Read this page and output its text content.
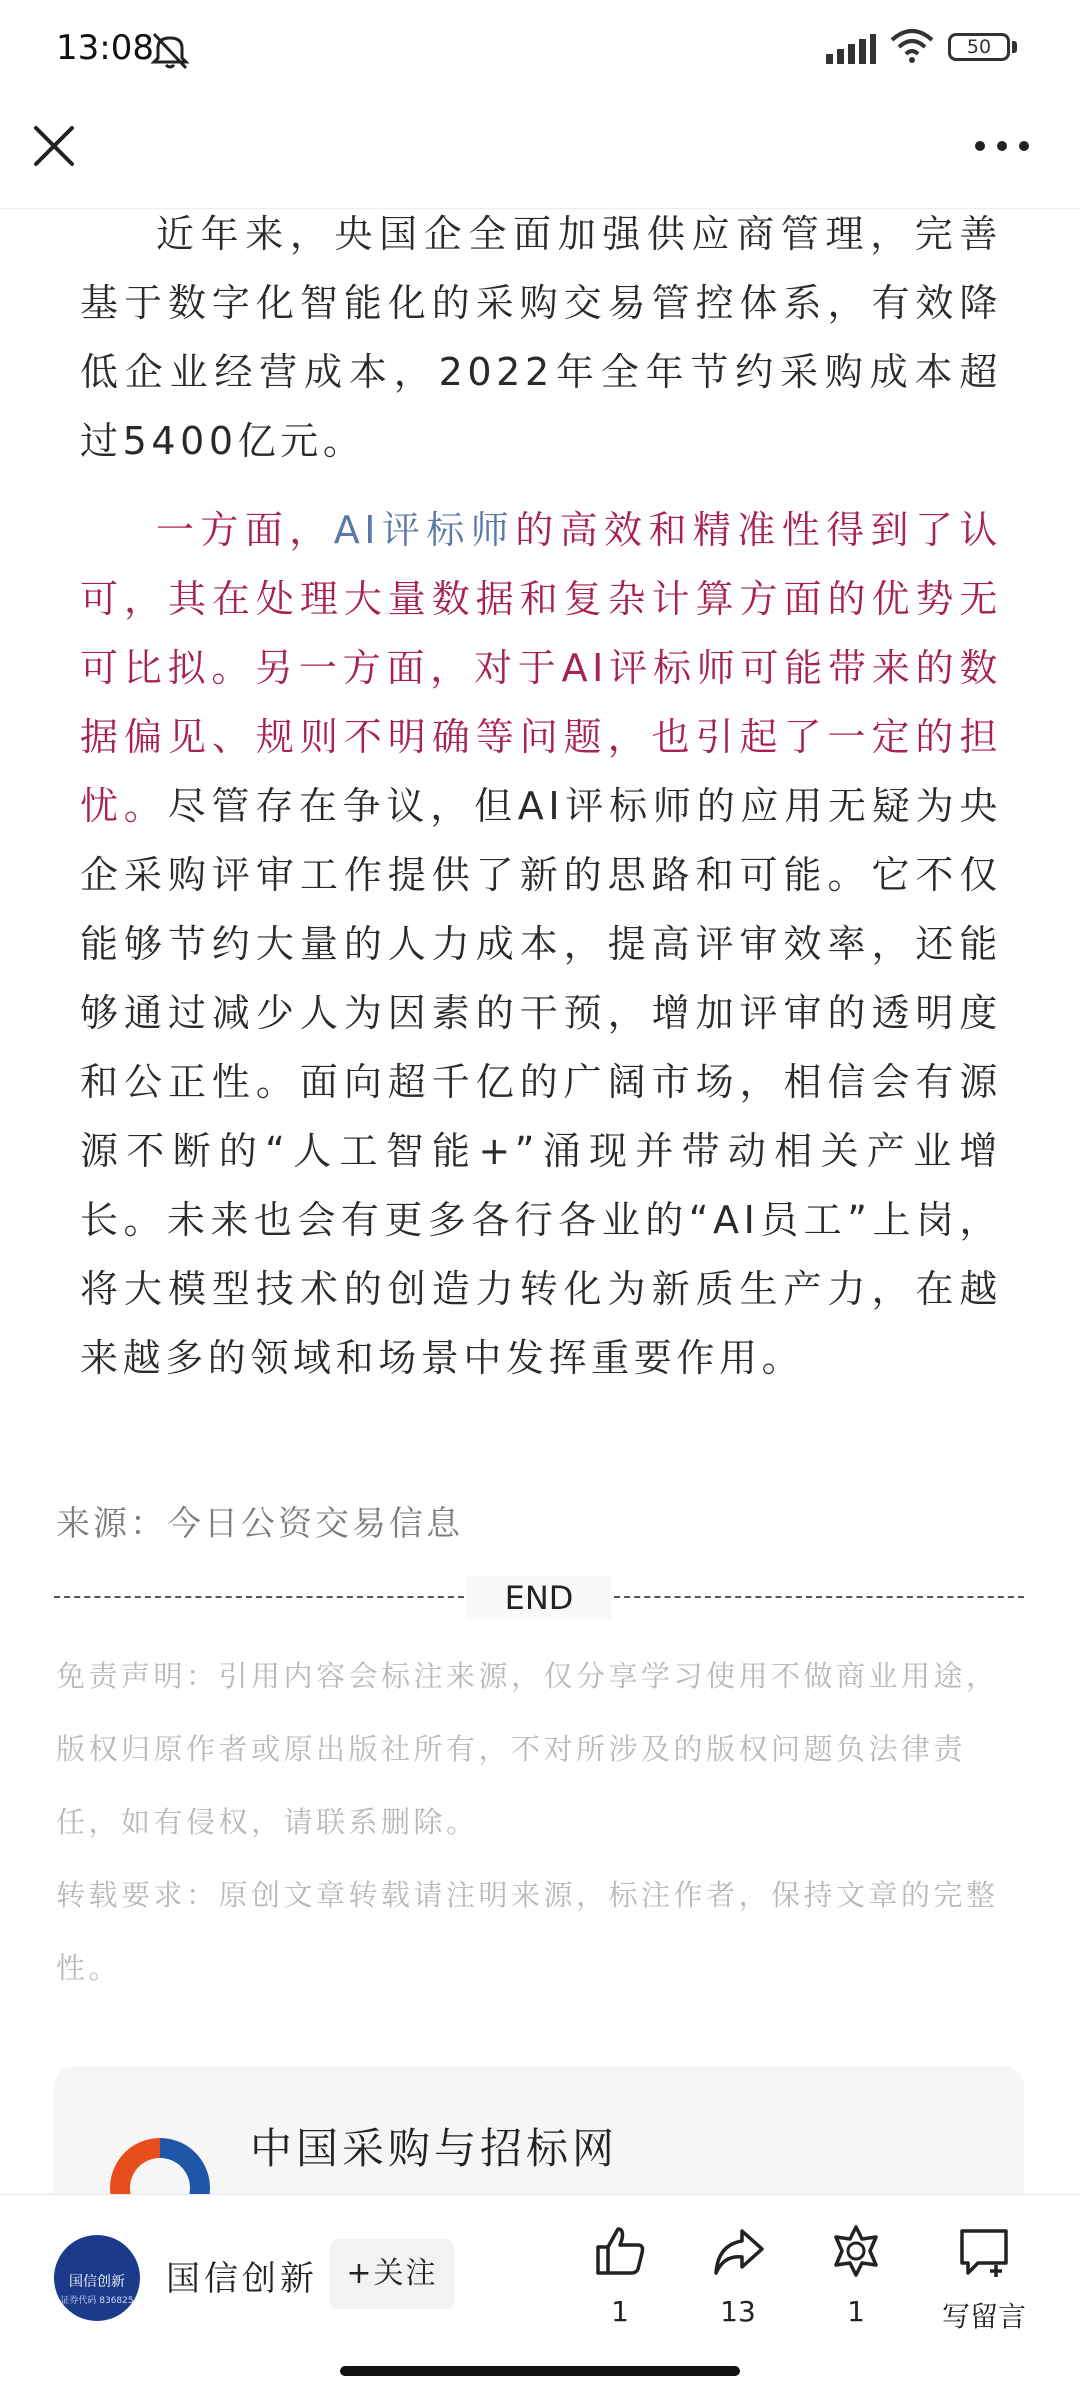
13:08	50

近年来，央国企全面加强供应商管理，完善基于数字化智能化的采购交易管控体系，有效降低企业经营成本，2022年全年节约采购成本超过5400亿元。

一方面，AI评标师的高效和精准性得到了认可，其在处理大量数据和复杂计算方面的优势无可比拟。另一方面，对于AI评标师可能带来的数据偏见、规则不明确等问题，也引起了一定的担忧。尽管存在争议，但AI评标师的应用无疑为央企采购评审工作提供了新的思路和可能。它不仅能够节约大量的人力成本，提高评审效率，还能够通过减少人为因素的干预，增加评审的透明度和公正性。面向超千亿的广阔市场，相信会有源源不断的“人工智能+”涌现并带动相关产业增长。未来也会有更多各行各业的“AI员工”上岗，将大模型技术的创造力转化为新质生产力，在越来越多的领域和场景中发挥重要作用。

来源：今日公资交易信息
END
免责声明：引用内容会标注来源，仅分享学习使用不做商业用途，版权归原作者或原出版社所有，不对所涉及的版权问题负法律责任，如有侵权，请联系删除。
转载要求：原创文章转载请注明来源，标注作者，保持文章的完整性。
中国采购与招标网
国信创新
证券代码 836825
国信创新 +关注
1	13	1	写留言
